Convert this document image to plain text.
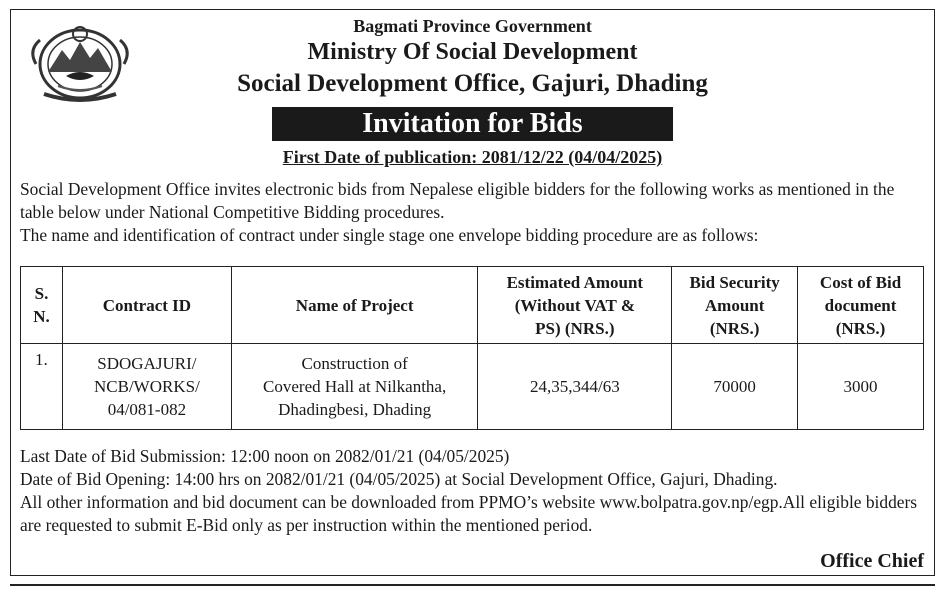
Bagmati Province Government
Ministry Of Social Development
Social Development Office, Gajuri, Dhading
Invitation for Bids
First Date of publication: 2081/12/22 (04/04/2025)

Social Development Office invites electronic bids from Nepalese eligible bidders for the following works as mentioned in the table below under National Competitive Bidding procedures.

The name and identification of contract under single stage one envelope bidding procedure are as follows:

S.
N.	Contract ID	Name of Project	Estimated Amount
(Without VAT &
PS) (NRS.)	Bid Security
Amount
(NRS.)	Cost of Bid
document
(NRS.)
1.	SDOGAJURI/
NCB/WORKS/
04/081-082	Construction of
Covered Hall at Nilkantha,
Dhadingbesi, Dhading	24,35,344/63	70000	3000

Last Date of Bid Submission: 12:00 noon on 2082/01/21 (04/05/2025)

Date of Bid Opening: 14:00 hrs on 2082/01/21 (04/05/2025) at Social Development Office, Gajuri, Dhading.

All other information and bid document can be downloaded from PPMO’s website www.bolpatra.gov.np/egp.All eligible bidders are requested to submit E-Bid only as per instruction within the mentioned period.

Office Chief
